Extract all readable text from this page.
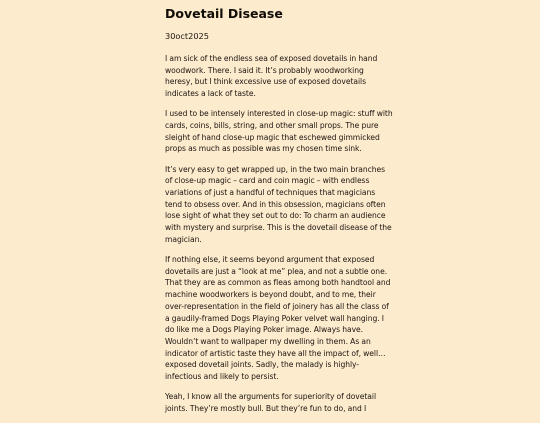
Dovetail Disease
30oct2025

I am sick of the endless sea of exposed dovetails in hand woodwork. There. I said it. It’s probably woodworking heresy, but I think excessive use of exposed dovetails indicates a lack of taste.

I used to be intensely interested in close-up magic: stuff with cards, coins, bills, string, and other small props. The pure sleight of hand close-up magic that eschewed gimmicked props as much as possible was my chosen time sink.

It’s very easy to get wrapped up, in the two main branches of close-up magic – card and coin magic – with endless variations of just a handful of techniques that magicians tend to obsess over. And in this obsession, magicians often lose sight of what they set out to do: To charm an audience with mystery and surprise. This is the dovetail disease of the magician.

If nothing else, it seems beyond argument that exposed dovetails are just a “look at me” plea, and not a subtle one. That they are as common as fleas among both handtool and machine woodworkers is beyond doubt, and to me, their over-representation in the field of joinery has all the class of a gaudily-framed Dogs Playing Poker velvet wall hanging. I do like me a Dogs Playing Poker image. Always have. Wouldn’t want to wallpaper my dwelling in them. As an indicator of artistic taste they have all the impact of, well… exposed dovetail joints. Sadly, the malady is highly-infectious and likely to persist.

Yeah, I know all the arguments for superiority of dovetail joints. They’re mostly bull. But they’re fun to do, and I
